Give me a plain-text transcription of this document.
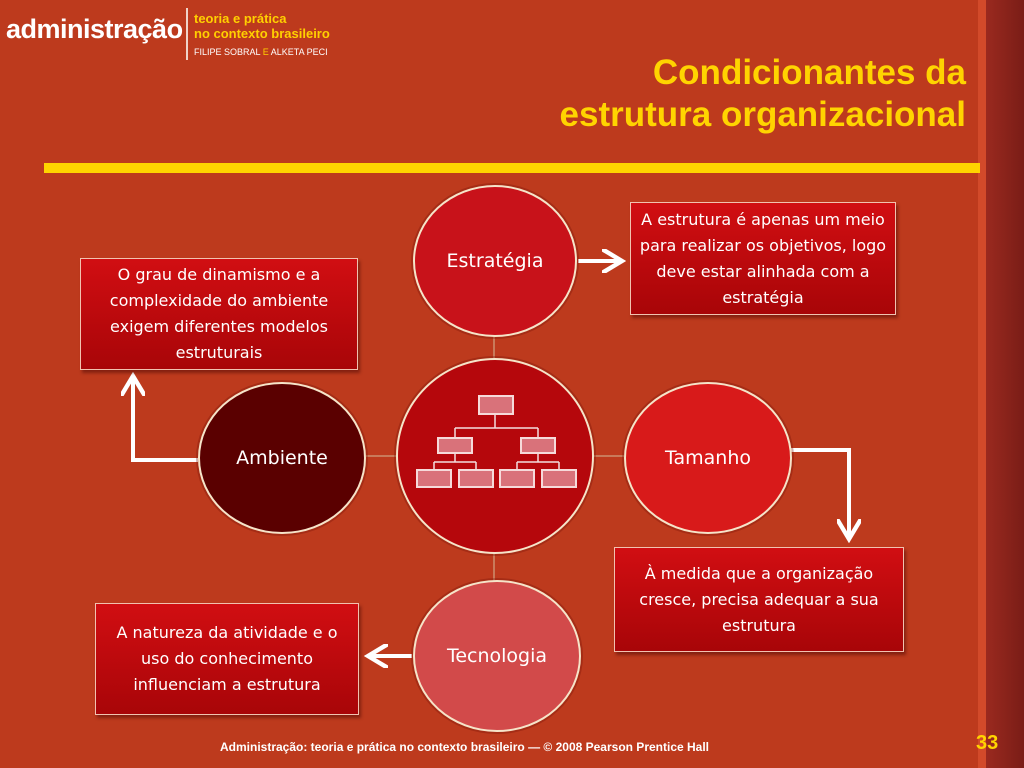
administração teoria e prática
no contexto brasileiro
FILIPE SOBRAL E ALKETA PECI
Condicionantes da
estrutura organizacional
Estratégia
Ambiente	Tamanho
Tecnologia
A estrutura é apenas um meio para realizar os objetivos, logo deve estar alinhada com a estratégia
O grau de dinamismo e a complexidade do ambiente exigem diferentes modelos estruturais
À medida que a organização cresce, precisa adequar a sua estrutura
A natureza da atividade e o uso do conhecimento influenciam a estrutura
Administração: teoria e prática no contexto brasileiro — © 2008 Pearson Prentice Hall	33
